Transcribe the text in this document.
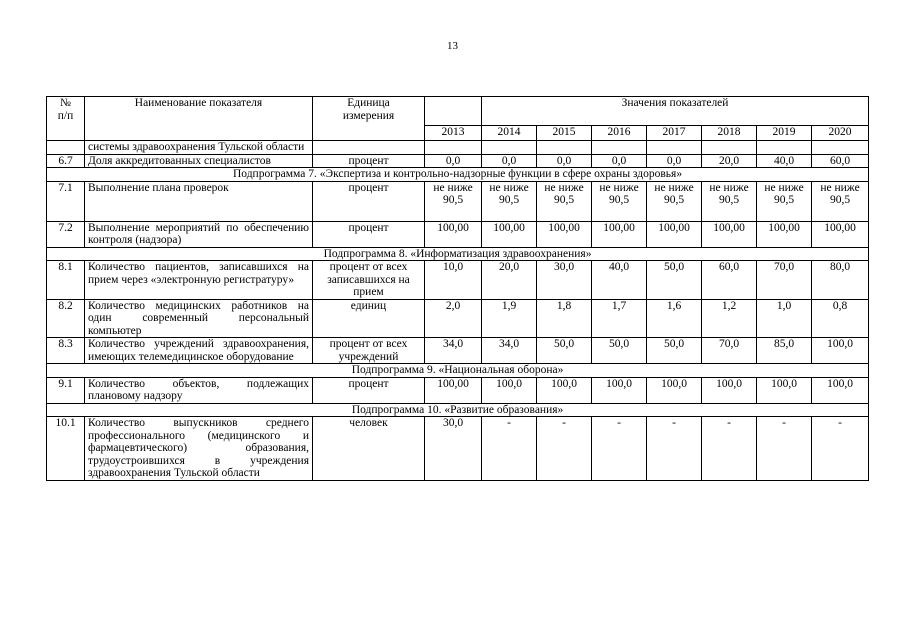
13
№
п/п	Наименование показателя	Единица
измерения		Значения показателей						
			2013	2014	2015	2016	2017	2018	2019	2020
	системы здравоохранения Тульской области									
6.7	Доля аккредитованных специалистов	процент	0,0	0,0	0,0	0,0	0,0	20,0	40,0	60,0
Подпрограмма 7. «Экспертиза и контрольно-надзорные функции в сфере охраны здоровья»										
7.1	Выполнение плана проверок	процент	не ниже 90,5	не ниже 90,5	не ниже 90,5	не ниже 90,5	не ниже 90,5	не ниже 90,5	не ниже 90,5	не ниже 90,5
7.2	Выполнение мероприятий по обеспечению контроля (надзора)	процент	100,00	100,00	100,00	100,00	100,00	100,00	100,00	100,00
Подпрограмма 8. «Информатизация здравоохранения»										
8.1	Количество пациентов, записавшихся на прием через «электронную регистратуру»	процент от всех записавшихся на прием	10,0	20,0	30,0	40,0	50,0	60,0	70,0	80,0
8.2	Количество медицинских работников на один современный персональный компьютер	единиц	2,0	1,9	1,8	1,7	1,6	1,2	1,0	0,8
8.3	Количество учреждений здравоохранения, имеющих телемедицинское оборудование	процент от всех учреждений	34,0	34,0	50,0	50,0	50,0	70,0	85,0	100,0
Подпрограмма 9. «Национальная оборона»										
9.1	Количество объектов, подлежащих плановому надзору	процент	100,00	100,0	100,0	100,0	100,0	100,0	100,0	100,0
Подпрограмма 10. «Развитие образования»										
10.1	Количество выпускников среднего профессионального (медицинского и фармацевтического) образования, трудоустроившихся в учреждения здравоохранения Тульской области	человек	30,0	-	-	-	-	-	-	-
